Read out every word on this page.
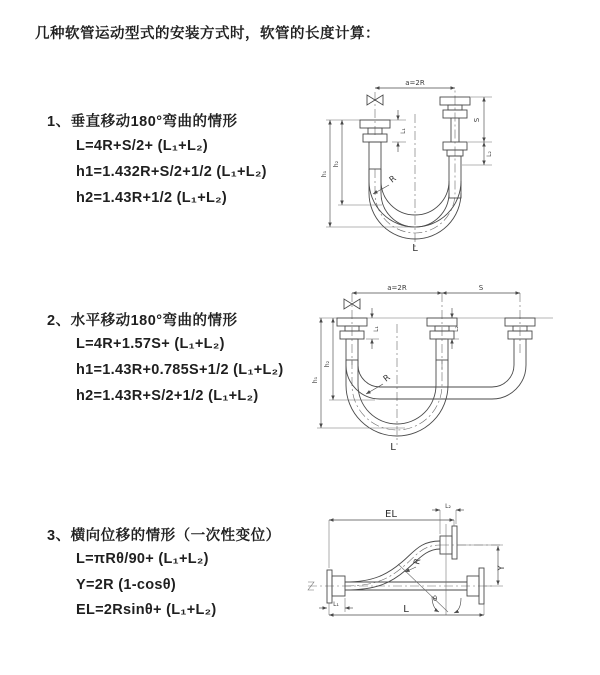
几种软管运动型式的安装方式时，软管的长度计算：
1、垂直移动180°弯曲的情形
L=4R+S/2+ (L₁+L₂)
h1=1.432R+S/2+1/2 (L₁+L₂)
h2=1.43R+1/2 (L₁+L₂)
2、水平移动180°弯曲的情形
L=4R+1.57S+ (L₁+L₂)
h1=1.43R+0.785S+1/2 (L₁+L₂)
h2=1.43R+S/2+1/2 (L₁+L₂)
3、横向位移的情形（一次性变位）
L=πRθ/90+ (L₁+L₂)
Y=2R (1-cosθ)
EL=2Rsinθ+ (L₁+L₂)
a=2R
h₁
h₂
L₁
S
L₂
R
L
a=2R	S
h₁
h₂
L₁	L₂
R
L
EL
L₂
Y
θ
R
L
L₁
